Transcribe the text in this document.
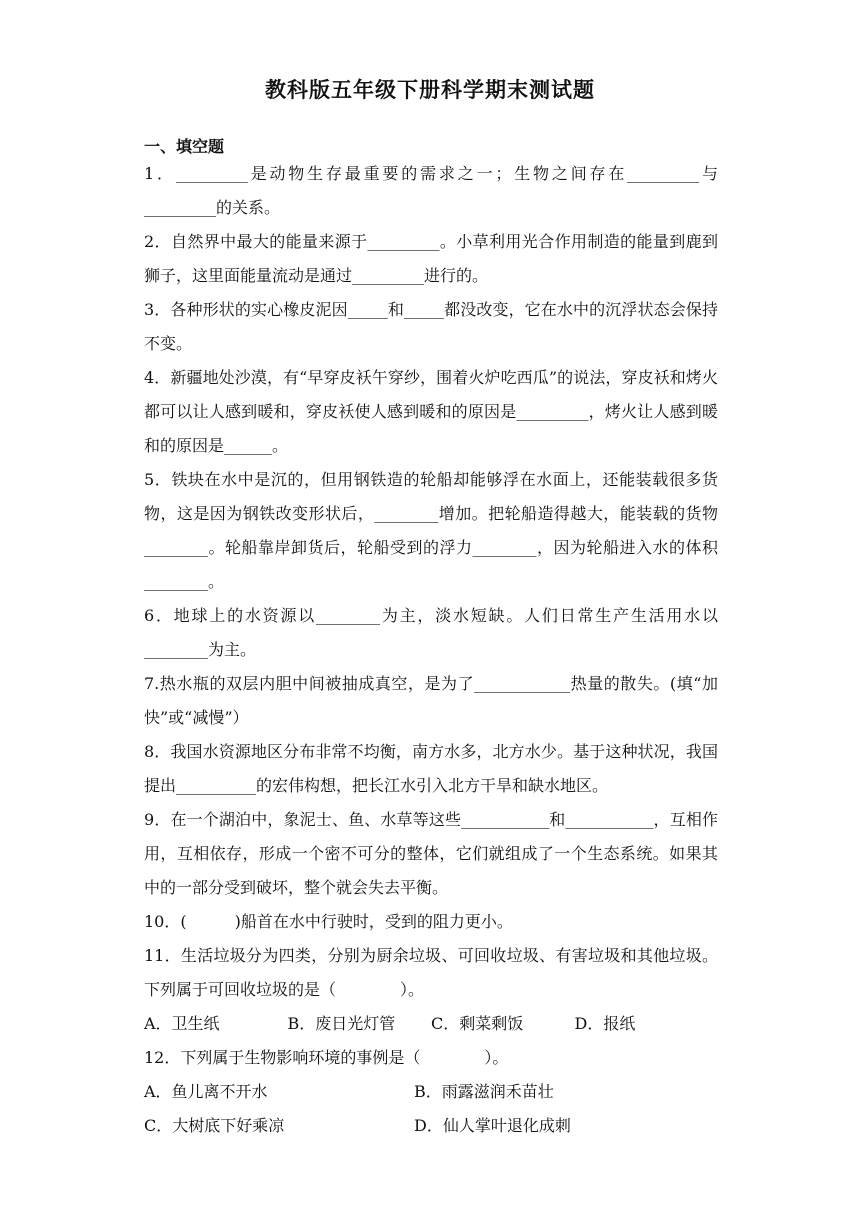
教科版五年级下册科学期末测试题
一、填空题

1．_________是动物生存最重要的需求之一；生物之间存在_________与_________的关系。

2．自然界中最大的能量来源于_________。小草利用光合作用制造的能量到鹿到狮子，这里面能量流动是通过_________进行的。

3．各种形状的实心橡皮泥因_____和_____都没改变，它在水中的沉浮状态会保持不变。

4．新疆地处沙漠，有“早穿皮袄午穿纱，围着火炉吃西瓜”的说法，穿皮袄和烤火都可以让人感到暖和，穿皮袄使人感到暖和的原因是_________，烤火让人感到暖和的原因是______。

5．铁块在水中是沉的，但用钢铁造的轮船却能够浮在水面上，还能装载很多货物，这是因为钢铁改变形状后，________增加。把轮船造得越大，能装载的货物________。轮船靠岸卸货后，轮船受到的浮力________，因为轮船进入水的体积________。

6．地球上的水资源以________为主，淡水短缺。人们日常生产生活用水以________为主。

7.热水瓶的双层内胆中间被抽成真空，是为了____________热量的散失。(填“加快”或“减慢”）

8．我国水资源地区分布非常不均衡，南方水多，北方水少。基于这种状况，我国提出__________的宏伟构想，把长江水引入北方干旱和缺水地区。

9．在一个湖泊中，象泥士、鱼、水草等这些___________和___________，互相作用，互相依存，形成一个密不可分的整体，它们就组成了一个生态系统。如果其中的一部分受到破坏，整个就会失去平衡。

10．(　　　)船首在水中行驶时，受到的阻力更小。

11．生活垃圾分为四类，分别为厨余垃圾、可回收垃圾、有害垃圾和其他垃圾。下列属于可回收垃圾的是（　　　　）。

A．卫生纸	B．废日光灯管	C．剩菜剩饭	D．报纸

12．下列属于生物影响环境的事例是（　　　　）。

A．鱼儿离不开水	B．雨露滋润禾苗壮
C．大树底下好乘凉	D．仙人掌叶退化成刺
